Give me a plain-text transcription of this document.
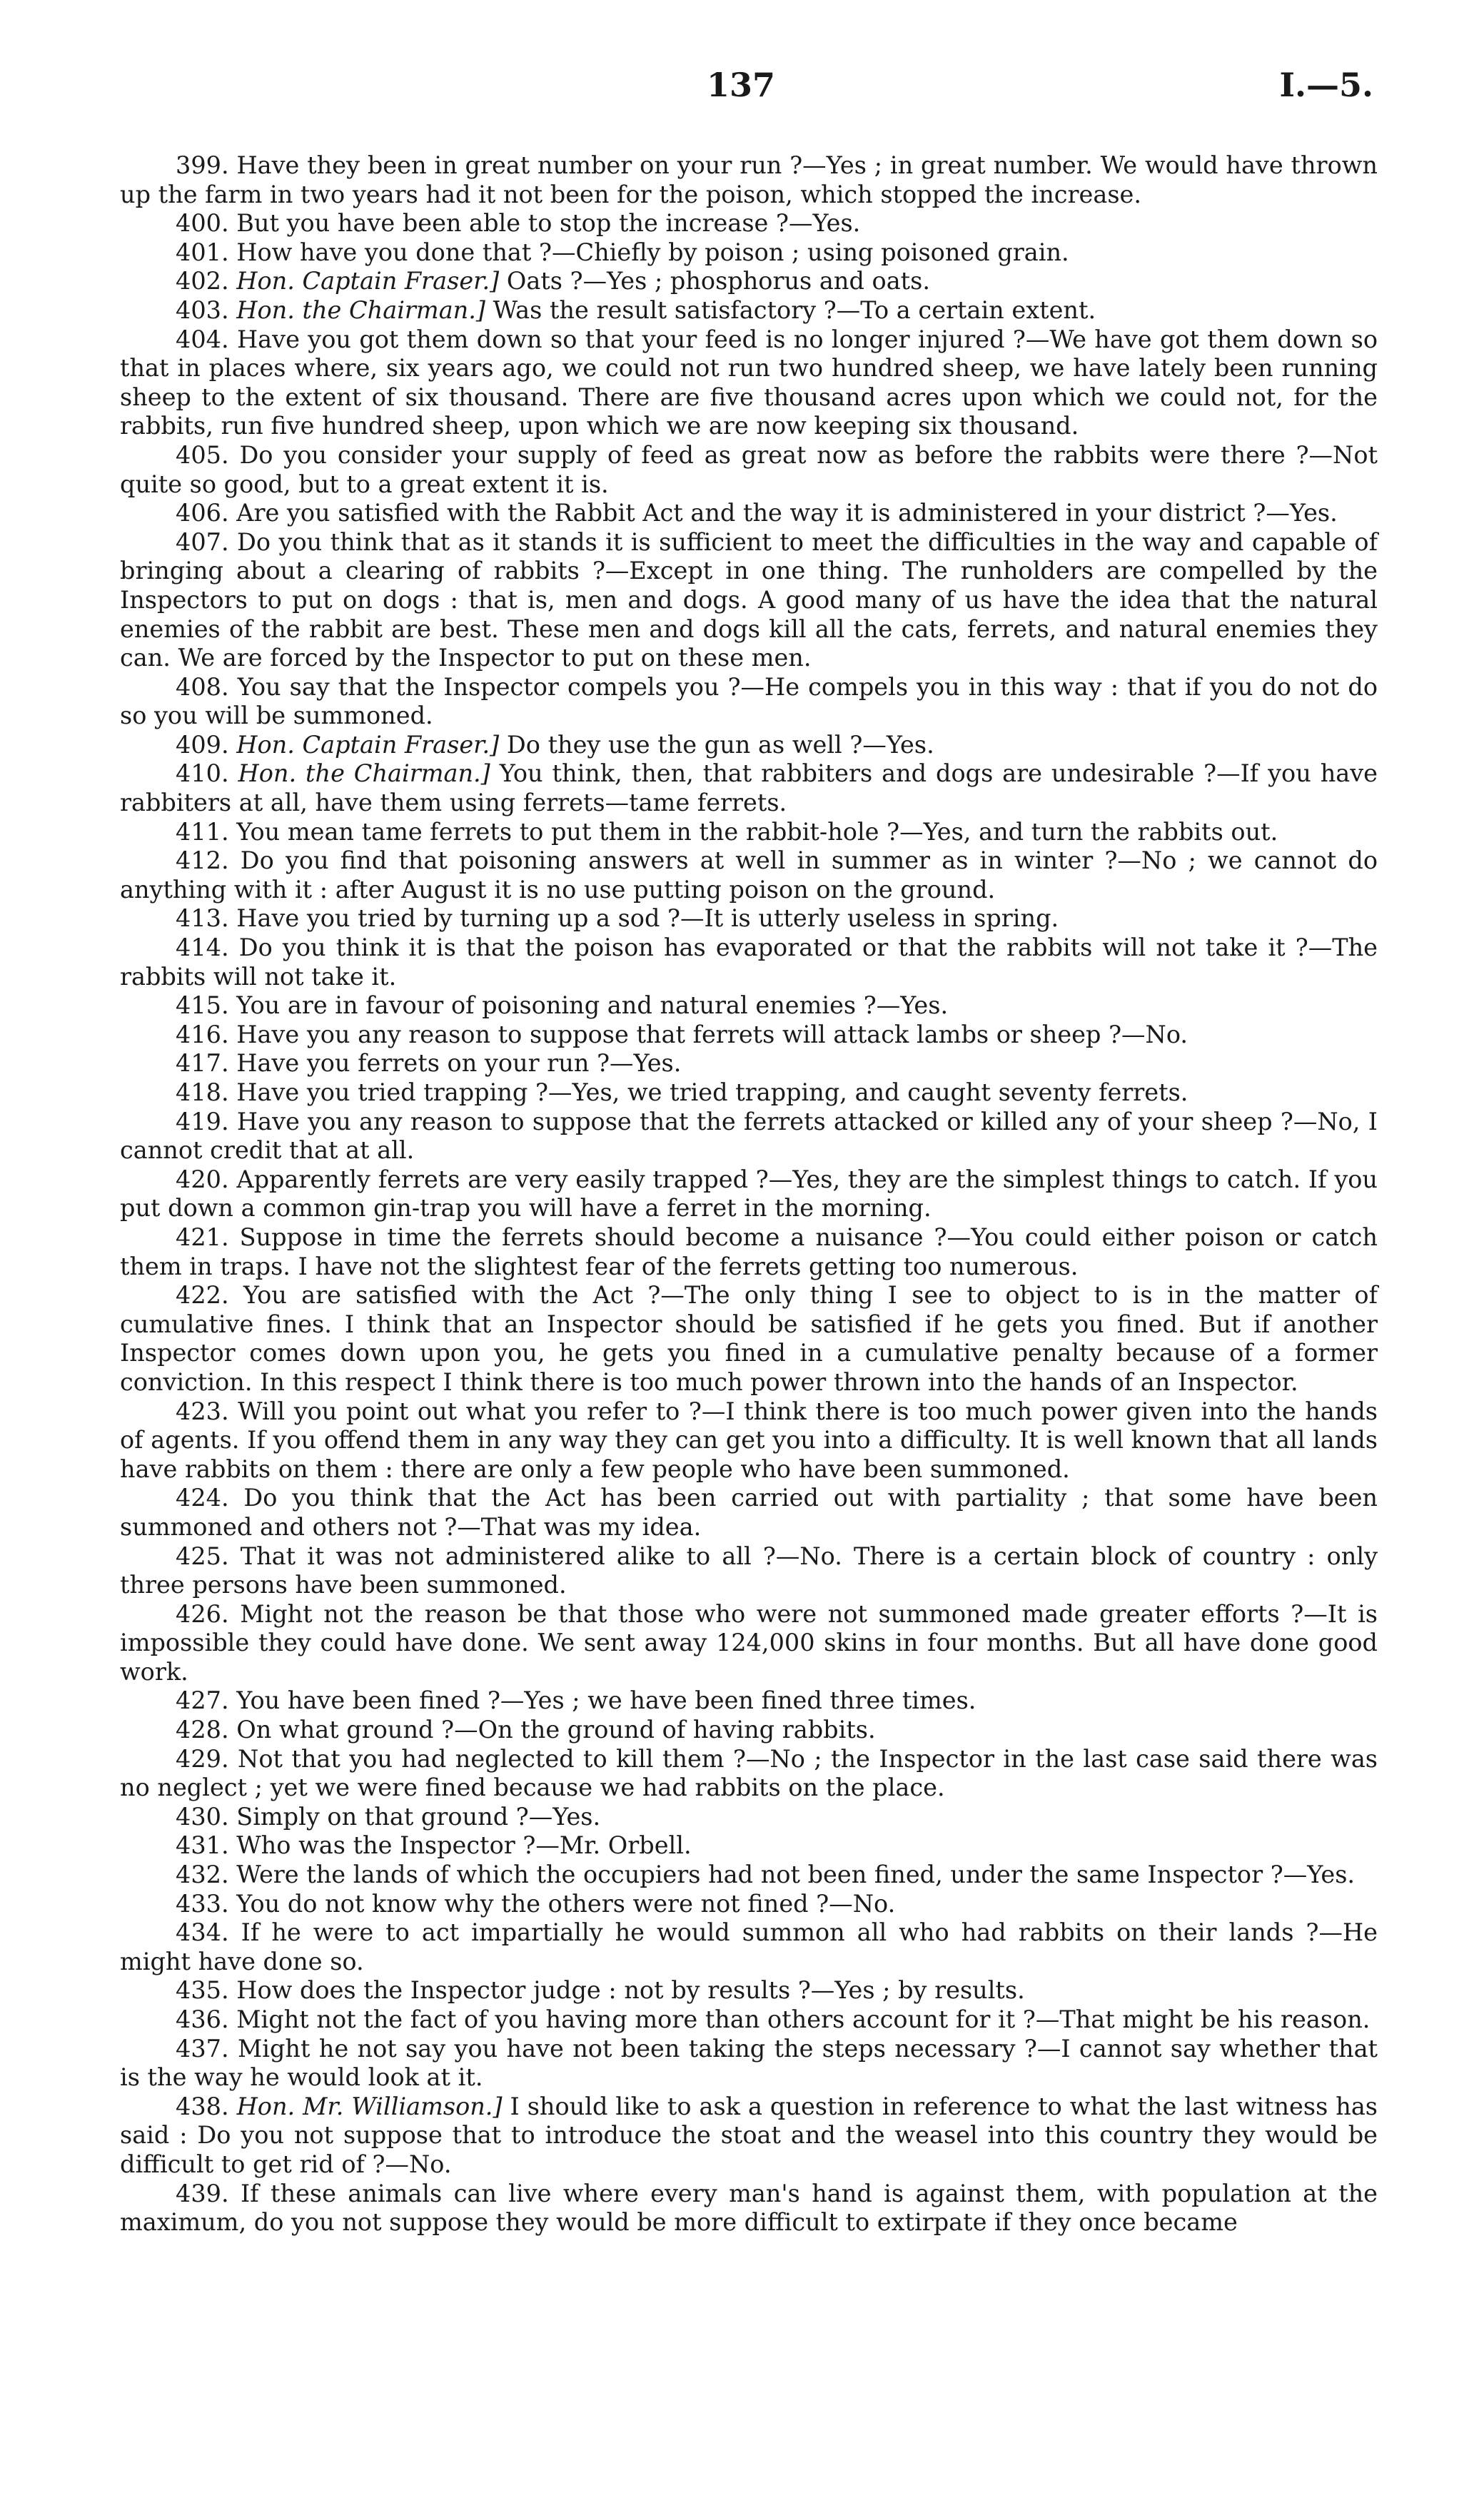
137	I.—5.

399. Have they been in great number on your run ?—Yes ; in great number. We would have thrown up the farm in two years had it not been for the poison, which stopped the increase.

400. But you have been able to stop the increase ?—Yes.

401. How have you done that ?—Chiefly by poison ; using poisoned grain.

402. Hon. Captain Fraser.] Oats ?—Yes ; phosphorus and oats.

403. Hon. the Chairman.] Was the result satisfactory ?—To a certain extent.

404. Have you got them down so that your feed is no longer injured ?—We have got them down so that in places where, six years ago, we could not run two hundred sheep, we have lately been running sheep to the extent of six thousand. There are five thousand acres upon which we could not, for the rabbits, run five hundred sheep, upon which we are now keeping six thousand.

405. Do you consider your supply of feed as great now as before the rabbits were there ?—Not quite so good, but to a great extent it is.

406. Are you satisfied with the Rabbit Act and the way it is administered in your district ?—Yes.

407. Do you think that as it stands it is sufficient to meet the difficulties in the way and capable of bringing about a clearing of rabbits ?—Except in one thing. The runholders are compelled by the Inspectors to put on dogs : that is, men and dogs. A good many of us have the idea that the natural enemies of the rabbit are best. These men and dogs kill all the cats, ferrets, and natural enemies they can. We are forced by the Inspector to put on these men.

408. You say that the Inspector compels you ?—He compels you in this way : that if you do not do so you will be summoned.

409. Hon. Captain Fraser.] Do they use the gun as well ?—Yes.

410. Hon. the Chairman.] You think, then, that rabbiters and dogs are undesirable ?—If you have rabbiters at all, have them using ferrets—tame ferrets.

411. You mean tame ferrets to put them in the rabbit-hole ?—Yes, and turn the rabbits out.

412. Do you find that poisoning answers at well in summer as in winter ?—No ; we cannot do anything with it : after August it is no use putting poison on the ground.

413. Have you tried by turning up a sod ?—It is utterly useless in spring.

414. Do you think it is that the poison has evaporated or that the rabbits will not take it ?—The rabbits will not take it.

415. You are in favour of poisoning and natural enemies ?—Yes.

416. Have you any reason to suppose that ferrets will attack lambs or sheep ?—No.

417. Have you ferrets on your run ?—Yes.

418. Have you tried trapping ?—Yes, we tried trapping, and caught seventy ferrets.

419. Have you any reason to suppose that the ferrets attacked or killed any of your sheep ?—No, I cannot credit that at all.

420. Apparently ferrets are very easily trapped ?—Yes, they are the simplest things to catch. If you put down a common gin-trap you will have a ferret in the morning.

421. Suppose in time the ferrets should become a nuisance ?—You could either poison or catch them in traps. I have not the slightest fear of the ferrets getting too numerous.

422. You are satisfied with the Act ?—The only thing I see to object to is in the matter of cumulative fines. I think that an Inspector should be satisfied if he gets you fined. But if another Inspector comes down upon you, he gets you fined in a cumulative penalty because of a former conviction. In this respect I think there is too much power thrown into the hands of an Inspector.

423. Will you point out what you refer to ?—I think there is too much power given into the hands of agents. If you offend them in any way they can get you into a difficulty. It is well known that all lands have rabbits on them : there are only a few people who have been summoned.

424. Do you think that the Act has been carried out with partiality ; that some have been summoned and others not ?—That was my idea.

425. That it was not administered alike to all ?—No. There is a certain block of country : only three persons have been summoned.

426. Might not the reason be that those who were not summoned made greater efforts ?—It is impossible they could have done. We sent away 124,000 skins in four months. But all have done good work.

427. You have been fined ?—Yes ; we have been fined three times.

428. On what ground ?—On the ground of having rabbits.

429. Not that you had neglected to kill them ?—No ; the Inspector in the last case said there was no neglect ; yet we were fined because we had rabbits on the place.

430. Simply on that ground ?—Yes.

431. Who was the Inspector ?—Mr. Orbell.

432. Were the lands of which the occupiers had not been fined, under the same Inspector ?—Yes.

433. You do not know why the others were not fined ?—No.

434. If he were to act impartially he would summon all who had rabbits on their lands ?—He might have done so.

435. How does the Inspector judge : not by results ?—Yes ; by results.

436. Might not the fact of you having more than others account for it ?—That might be his reason.

437. Might he not say you have not been taking the steps necessary ?—I cannot say whether that is the way he would look at it.

438. Hon. Mr. Williamson.] I should like to ask a question in reference to what the last witness has said : Do you not suppose that to introduce the stoat and the weasel into this country they would be difficult to get rid of ?—No.

439. If these animals can live where every man's hand is against them, with population at the maximum, do you not suppose they would be more difficult to extirpate if they once became
